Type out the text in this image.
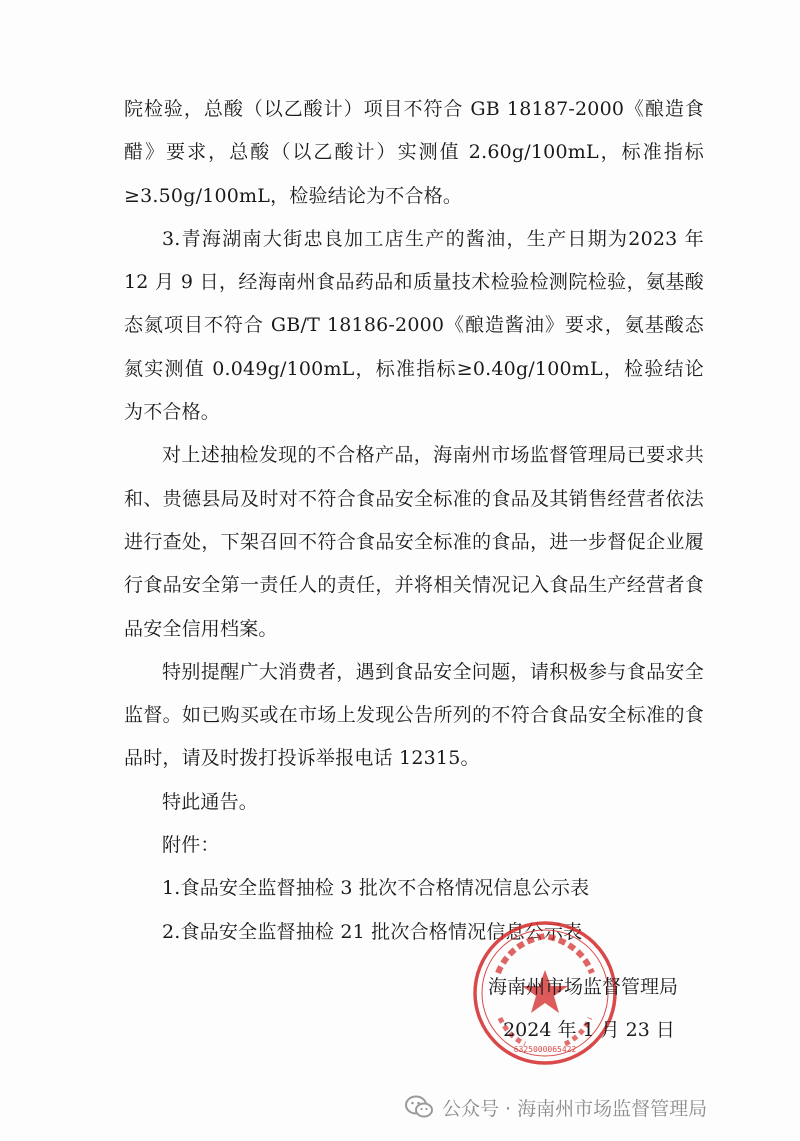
院检验，总酸（以乙酸计）项目不符合 GB 18187-2000《酿造食醋》要求，总酸（以乙酸计）实测值 2.60g/100mL，标准指标≥3.50g/100mL，检验结论为不合格。

3.青海湖南大街忠良加工店生产的酱油，生产日期为2023 年 12 月 9 日，经海南州食品药品和质量技术检验检测院检验，氨基酸态氮项目不符合 GB/T 18186-2000《酿造酱油》要求，氨基酸态氮实测值 0.049g/100mL，标准指标≥0.40g/100mL，检验结论为不合格。

对上述抽检发现的不合格产品，海南州市场监督管理局已要求共和、贵德县局及时对不符合食品安全标准的食品及其销售经营者依法进行查处，下架召回不符合食品安全标准的食品，进一步督促企业履行食品安全第一责任人的责任，并将相关情况记入食品生产经营者食品安全信用档案。

特别提醒广大消费者，遇到食品安全问题，请积极参与食品安全监督。如已购买或在市场上发现公告所列的不符合食品安全标准的食品时，请及时拨打投诉举报电话 12315。

特此通告。

附件：

1.食品安全监督抽检 3 批次不合格情况信息公示表

2.食品安全监督抽检 21 批次合格情况信息公示表

6325000065422
海南州市场监督管理局
2024 年 1 月 23 日
公众号 · 海南州市场监督管理局
